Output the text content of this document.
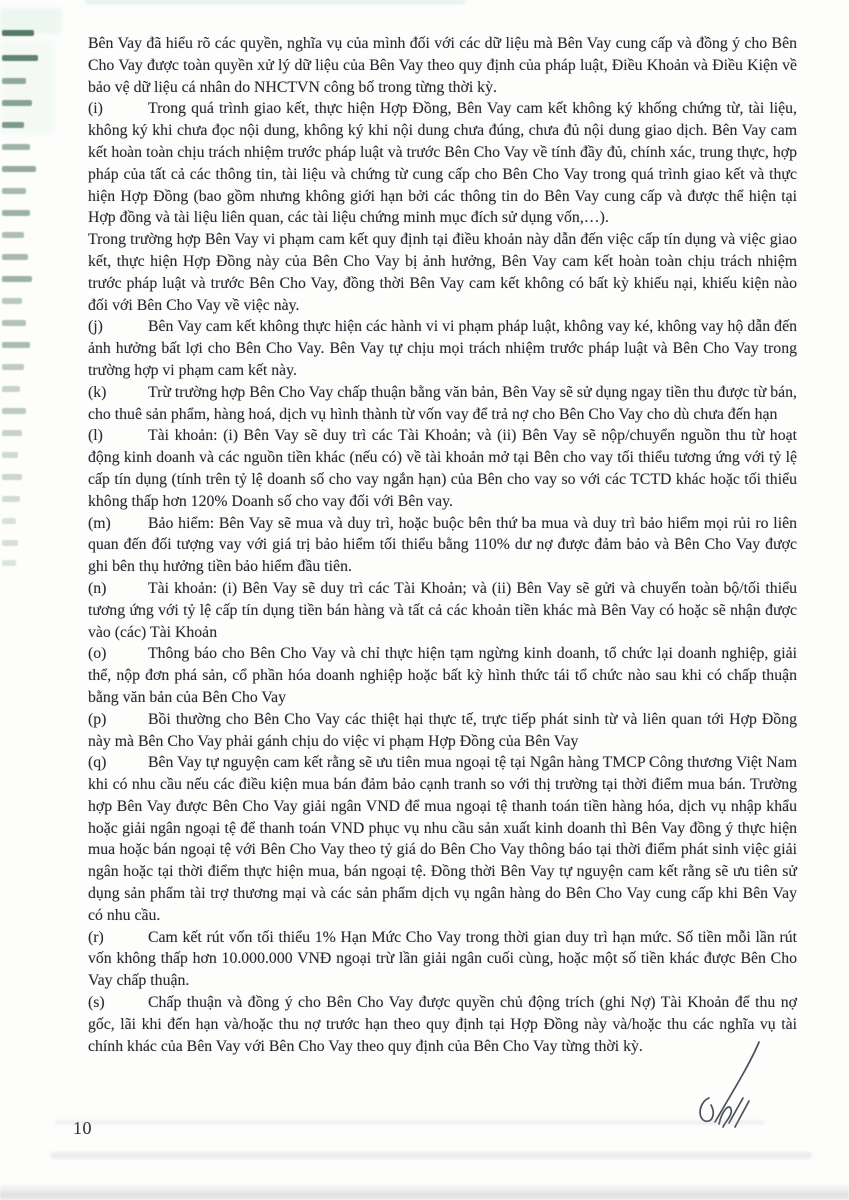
Bên Vay đã hiểu rõ các quyền, nghĩa vụ của mình đối với các dữ liệu mà Bên Vay cung cấp và đồng ý cho Bên Cho Vay được toàn quyền xử lý dữ liệu của Bên Vay theo quy định của pháp luật, Điều Khoản và Điều Kiện về bảo vệ dữ liệu cá nhân do NHCTVN công bố trong từng thời kỳ.

(i)	Trong quá trình giao kết, thực hiện Hợp Đồng, Bên Vay cam kết không ký khống chứng từ, tài liệu, không ký khi chưa đọc nội dung, không ký khi nội dung chưa đúng, chưa đủ nội dung giao dịch. Bên Vay cam kết hoàn toàn chịu trách nhiệm trước pháp luật và trước Bên Cho Vay về tính đầy đủ, chính xác, trung thực, hợp pháp của tất cả các thông tin, tài liệu và chứng từ cung cấp cho Bên Cho Vay trong quá trình giao kết và thực hiện Hợp Đồng (bao gồm nhưng không giới hạn bởi các thông tin do Bên Vay cung cấp và được thể hiện tại Hợp đồng và tài liệu liên quan, các tài liệu chứng minh mục đích sử dụng vốn,…).

Trong trường hợp Bên Vay vi phạm cam kết quy định tại điều khoản này dẫn đến việc cấp tín dụng và việc giao kết, thực hiện Hợp Đồng này của Bên Cho Vay bị ảnh hưởng, Bên Vay cam kết hoàn toàn chịu trách nhiệm trước pháp luật và trước Bên Cho Vay, đồng thời Bên Vay cam kết không có bất kỳ khiếu nại, khiếu kiện nào đối với Bên Cho Vay về việc này.

(j)	Bên Vay cam kết không thực hiện các hành vi vi phạm pháp luật, không vay ké, không vay hộ dẫn đến ảnh hưởng bất lợi cho Bên Cho Vay. Bên Vay tự chịu mọi trách nhiệm trước pháp luật và Bên Cho Vay trong trường hợp vi phạm cam kết này.

(k)	Trừ trường hợp Bên Cho Vay chấp thuận bằng văn bản, Bên Vay sẽ sử dụng ngay tiền thu được từ bán, cho thuê sản phẩm, hàng hoá, dịch vụ hình thành từ vốn vay để trả nợ cho Bên Cho Vay cho dù chưa đến hạn

(l)	Tài khoản: (i) Bên Vay sẽ duy trì các Tài Khoản; và (ii) Bên Vay sẽ nộp/chuyển nguồn thu từ hoạt động kinh doanh và các nguồn tiền khác (nếu có) về tài khoản mở tại Bên cho vay tối thiểu tương ứng với tỷ lệ cấp tín dụng (tính trên tỷ lệ doanh số cho vay ngắn hạn) của Bên cho vay so với các TCTD khác hoặc tối thiểu không thấp hơn 120% Doanh số cho vay đối với Bên vay.

(m) Bảo hiểm: Bên Vay sẽ mua và duy trì, hoặc buộc bên thứ ba mua và duy trì bảo hiểm mọi rủi ro liên quan đến đối tượng vay với giá trị bảo hiểm tối thiểu bằng 110% dư nợ được đảm bảo và Bên Cho Vay được ghi bên thụ hưởng tiền bảo hiểm đầu tiên.

(n)	Tài khoản: (i) Bên Vay sẽ duy trì các Tài Khoản; và (ii) Bên Vay sẽ gửi và chuyển toàn bộ/tối thiểu tương ứng với tỷ lệ cấp tín dụng tiền bán hàng và tất cả các khoản tiền khác mà Bên Vay có hoặc sẽ nhận được vào (các) Tài Khoản

(o)	Thông báo cho Bên Cho Vay và chỉ thực hiện tạm ngừng kinh doanh, tổ chức lại doanh nghiệp, giải thể, nộp đơn phá sản, cổ phần hóa doanh nghiệp hoặc bất kỳ hình thức tái tổ chức nào sau khi có chấp thuận bằng văn bản của Bên Cho Vay

(p)	Bồi thường cho Bên Cho Vay các thiệt hại thực tế, trực tiếp phát sinh từ và liên quan tới Hợp Đồng này mà Bên Cho Vay phải gánh chịu do việc vi phạm Hợp Đồng của Bên Vay

(q)	Bên Vay tự nguyện cam kết rằng sẽ ưu tiên mua ngoại tệ tại Ngân hàng TMCP Công thương Việt Nam khi có nhu cầu nếu các điều kiện mua bán đảm bảo cạnh tranh so với thị trường tại thời điểm mua bán. Trường hợp Bên Vay được Bên Cho Vay giải ngân VND để mua ngoại tệ thanh toán tiền hàng hóa, dịch vụ nhập khẩu hoặc giải ngân ngoại tệ để thanh toán VND phục vụ nhu cầu sản xuất kinh doanh thì Bên Vay đồng ý thực hiện mua hoặc bán ngoại tệ với Bên Cho Vay theo tỷ giá do Bên Cho Vay thông báo tại thời điểm phát sinh việc giải ngân hoặc tại thời điểm thực hiện mua, bán ngoại tệ. Đồng thời Bên Vay tự nguyện cam kết rằng sẽ ưu tiên sử dụng sản phẩm tài trợ thương mại và các sản phẩm dịch vụ ngân hàng do Bên Cho Vay cung cấp khi Bên Vay có nhu cầu.

(r)	Cam kết rút vốn tối thiểu 1% Hạn Mức Cho Vay trong thời gian duy trì hạn mức. Số tiền mỗi lần rút vốn không thấp hơn 10.000.000 VNĐ ngoại trừ lần giải ngân cuối cùng, hoặc một số tiền khác được Bên Cho Vay chấp thuận.

(s)	Chấp thuận và đồng ý cho Bên Cho Vay được quyền chủ động trích (ghi Nợ) Tài Khoản để thu nợ gốc, lãi khi đến hạn và/hoặc thu nợ trước hạn theo quy định tại Hợp Đồng này và/hoặc thu các nghĩa vụ tài chính khác của Bên Vay với Bên Cho Vay theo quy định của Bên Cho Vay từng thời kỳ.

10
